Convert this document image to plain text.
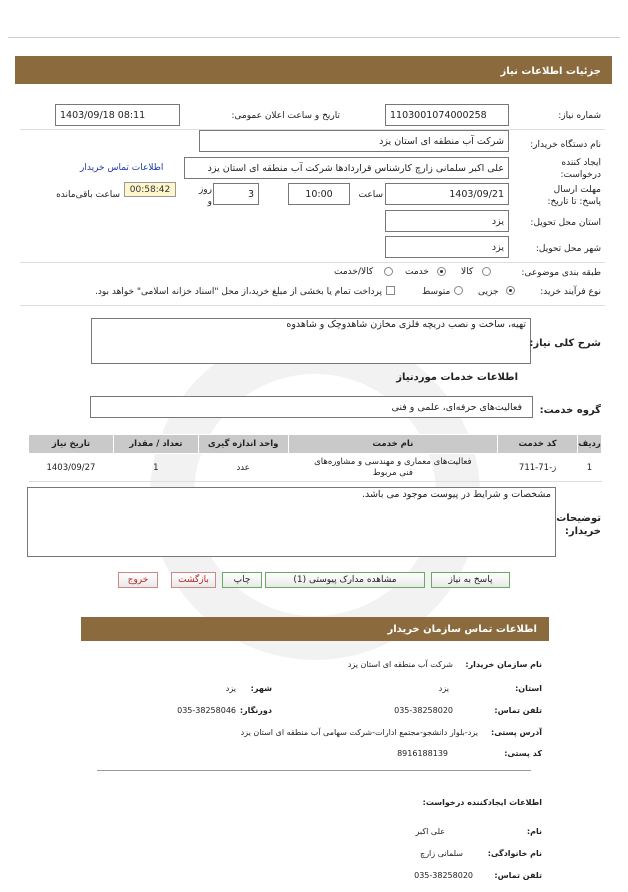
جزئیات اطلاعات نیاز
شماره نیاز:
1103001074000258
تاریخ و ساعت اعلان عمومی:
1403/09/18 08:11
نام دستگاه خریدار:
شرکت آب منطقه ای استان یزد
ایجاد کننده درخواست:
علی اکبر سلمانی زارچ کارشناس قراردادها شرکت آب منطقه ای استان یزد
اطلاعات تماس خریدار
مهلت ارسال پاسخ: تا تاریخ:
1403/09/21
ساعت
10:00
روز و
3
00:58:42
ساعت باقی‌مانده
استان محل تحویل:
یزد
شهر محل تحویل:
یزد
طبقه بندی موضوعی:
کالا
خدمت
کالا/خدمت
نوع فرآیند خرید:
جزیی
متوسط
پرداخت تمام یا بخشی از مبلغ خرید،از محل "اسناد خزانه اسلامی" خواهد بود.
تهیه، ساخت و نصب دریچه فلزی مخازن شاهدوچک و شاهدوه
شرح کلی نیاز:
اطلاعات خدمات موردنیاز
گروه خدمت:
فعالیت‌های حرفه‌ای، علمی و فنی
ردیف	کد خدمت	نام خدمت	واحد اندازه گیری	تعداد / مقدار	تاریخ نیاز
1	ز-71-711	فعالیت‌های معماری و مهندسی و مشاوره‌های فنی مربوط	عدد	1	1403/09/27
مشخصات و شرایط در پیوست موجود می باشد.
توضیحات خریدار:
پاسخ به نیاز
مشاهده مدارک پیوستی (1)
چاپ
بازگشت
خروج
اطلاعات تماس سازمان خریدار
نام سازمان خریدار:
شرکت آب منطقه ای استان یزد
استان:
یزد
شهر:
یزد
تلفن تماس:
035-38258020
دورنگار:
035-38258046
آدرس پستی:
یزد-بلوار دانشجو-مجتمع ادارات-شرکت سهامی آب منطقه ای استان یزد
کد پستی:
8916188139
اطلاعات ایجادکننده درخواست:
نام:
علی اکبر
نام خانوادگی:
سلمانی زارچ
تلفن تماس:
035-38258020
